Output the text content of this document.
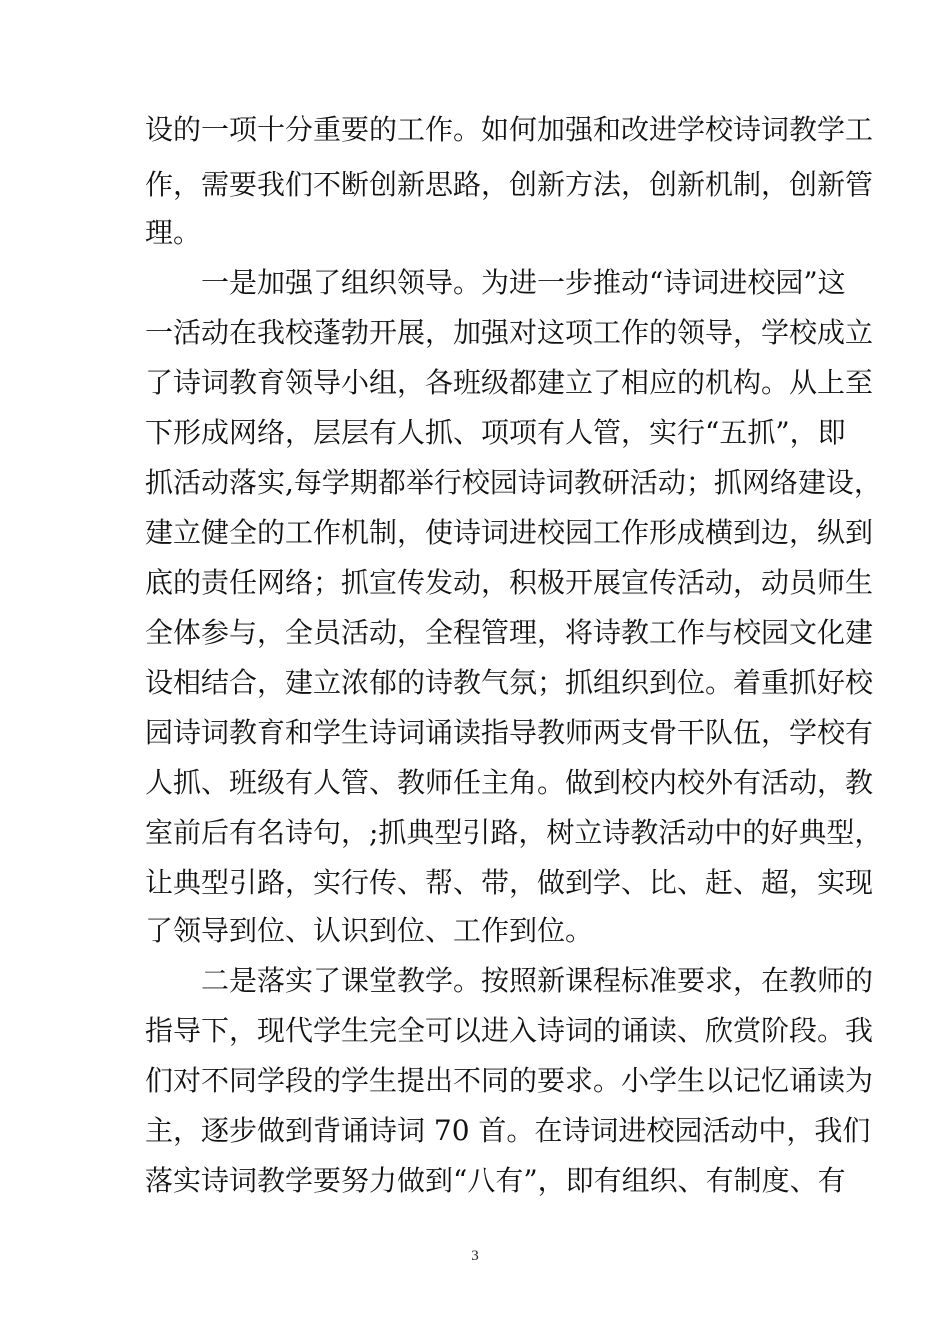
设的一项十分重要的工作。如何加强和改进学校诗词教学工
作，需要我们不断创新思路，创新方法，创新机制，创新管
理。
　　一是加强了组织领导。为进一步推动“诗词进校园”这
一活动在我校蓬勃开展，加强对这项工作的领导，学校成立
了诗词教育领导小组，各班级都建立了相应的机构。从上至
下形成网络，层层有人抓、项项有人管，实行“五抓”，即
抓活动落实,每学期都举行校园诗词教研活动；抓网络建设，
建立健全的工作机制，使诗词进校园工作形成横到边，纵到
底的责任网络；抓宣传发动，积极开展宣传活动，动员师生
全体参与，全员活动，全程管理，将诗教工作与校园文化建
设相结合，建立浓郁的诗教气氛；抓组织到位。着重抓好校
园诗词教育和学生诗词诵读指导教师两支骨干队伍，学校有
人抓、班级有人管、教师任主角。做到校内校外有活动，教
室前后有名诗句，;抓典型引路，树立诗教活动中的好典型，
让典型引路，实行传、帮、带，做到学、比、赶、超，实现
了领导到位、认识到位、工作到位。
　　二是落实了课堂教学。按照新课程标准要求，在教师的
指导下，现代学生完全可以进入诗词的诵读、欣赏阶段。我
们对不同学段的学生提出不同的要求。小学生以记忆诵读为
主，逐步做到背诵诗词 70 首。在诗词进校园活动中，我们
落实诗词教学要努力做到“八有”，即有组织、有制度、有
3
